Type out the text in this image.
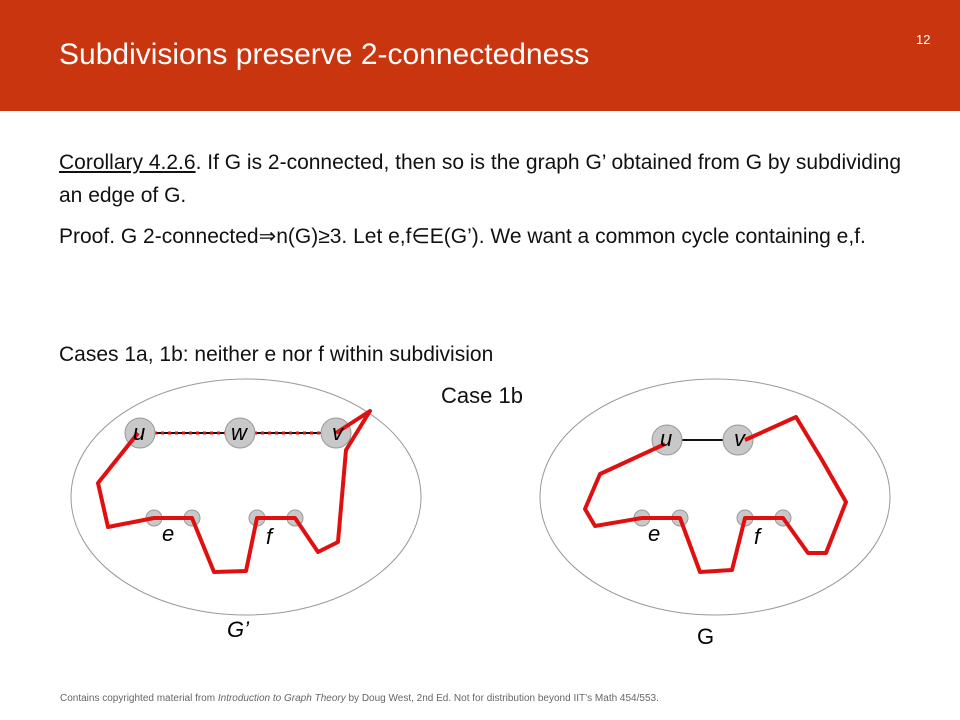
Subdivisions preserve 2-connectedness	12
Corollary 4.2.6. If G is 2-connected, then so is the graph G’ obtained from G by subdividing an edge of G.
Proof. G 2-connected⇒n(G)≥3. Let e,f∈E(G’). We want a common cycle containing e,f.
Cases 1a, 1b: neither e nor f within subdivision
Case 1b
u	w	v
e	f
G’
u	v
e	f
G
Contains copyrighted material from Introduction to Graph Theory by Doug West, 2nd Ed. Not for distribution beyond IIT’s Math 454/553.
